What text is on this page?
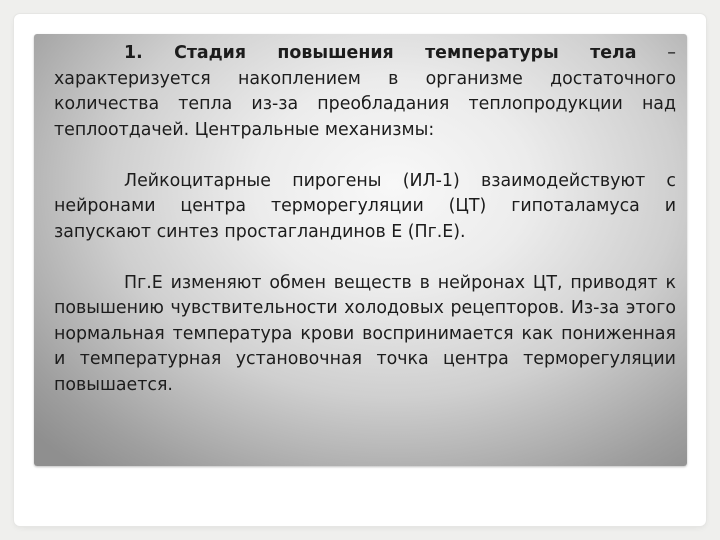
1. Стадия повышения температуры тела – характеризуется накоплением в организме достаточного количества тепла из-за преобладания теплопродукции над теплоотдачей. Центральные механизмы:

Лейкоцитарные пирогены (ИЛ-1) взаимодействуют с нейронами центра терморегуляции (ЦТ) гипоталамуса и запускают синтез простагландинов Е (Пг.Е).

Пг.Е изменяют обмен веществ в нейронах ЦТ, приводят к повышению чувствительности холодовых рецепторов. Из-за этого нормальная температура крови воспринимается как пониженная и температурная установочная точка центра терморегуляции повышается.
